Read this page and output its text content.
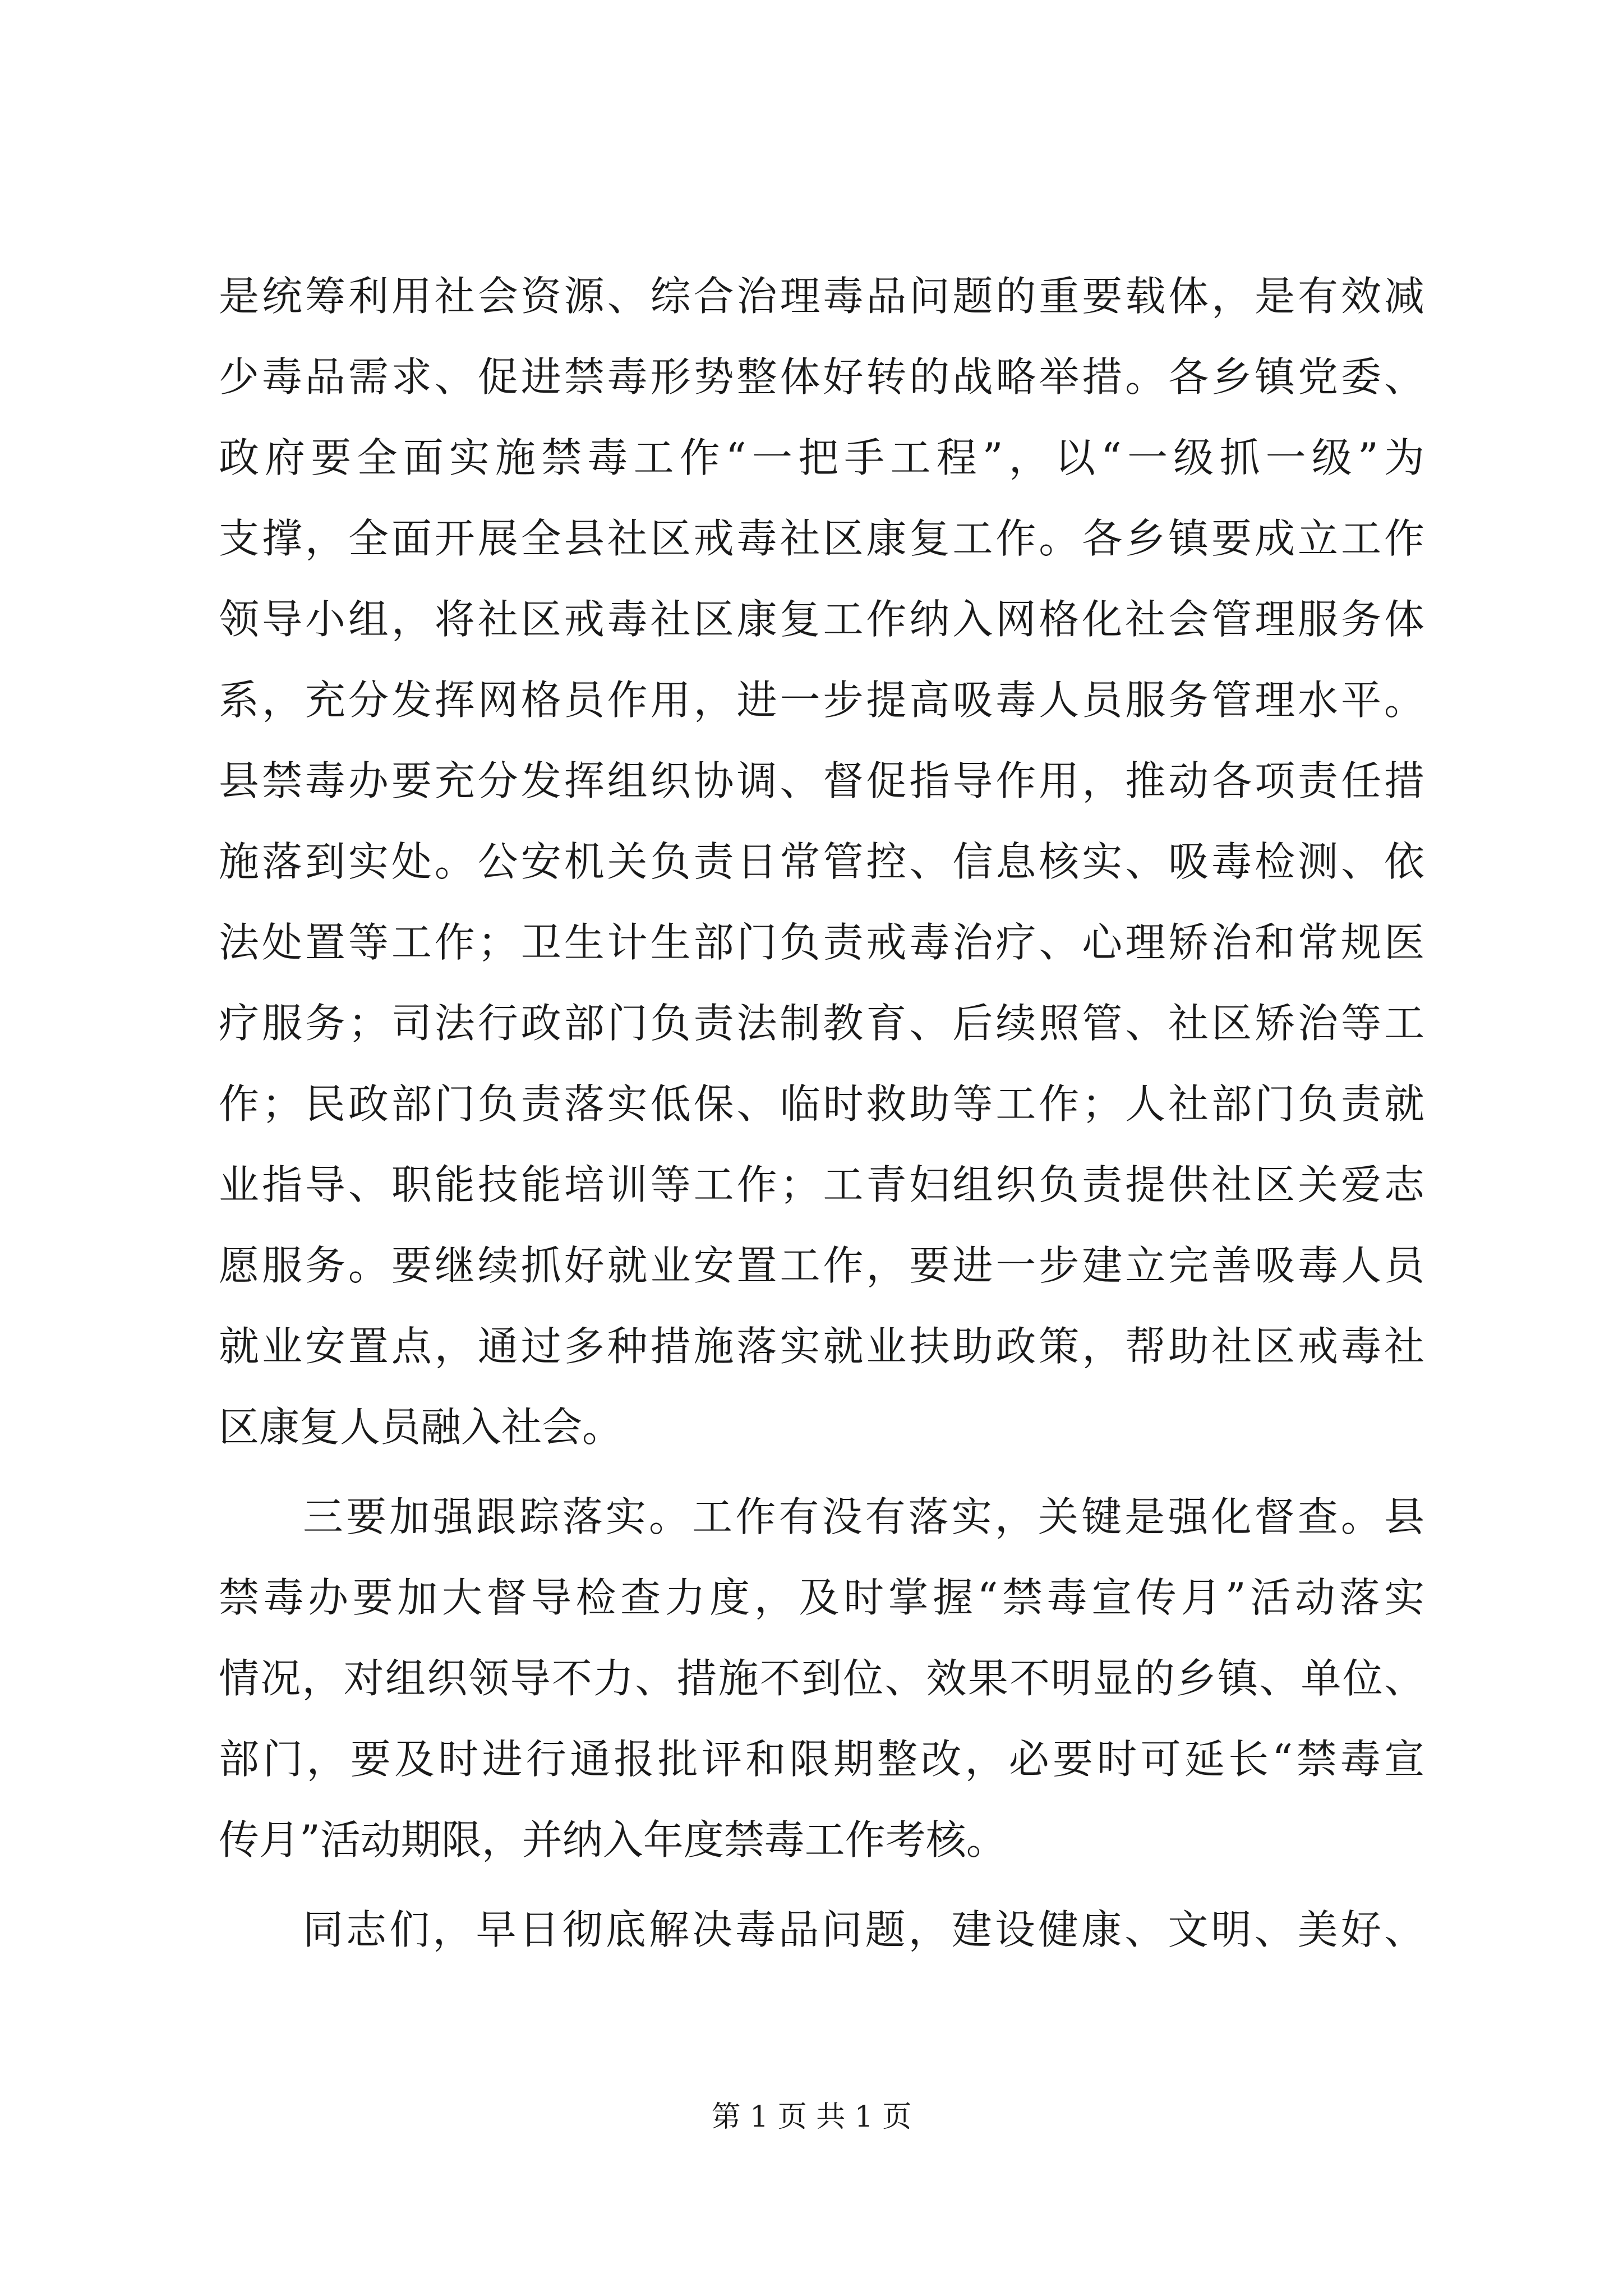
是统筹利用社会资源、综合治理毒品问题的重要载体，是有效减
少毒品需求、促进禁毒形势整体好转的战略举措。各乡镇党委、
政府要全面实施禁毒工作“一把手工程”，以“一级抓一级”为
支撑，全面开展全县社区戒毒社区康复工作。各乡镇要成立工作
领导小组，将社区戒毒社区康复工作纳入网格化社会管理服务体
系，充分发挥网格员作用，进一步提高吸毒人员服务管理水平。
县禁毒办要充分发挥组织协调、督促指导作用，推动各项责任措
施落到实处。公安机关负责日常管控、信息核实、吸毒检测、依
法处置等工作；卫生计生部门负责戒毒治疗、心理矫治和常规医
疗服务；司法行政部门负责法制教育、后续照管、社区矫治等工
作；民政部门负责落实低保、临时救助等工作；人社部门负责就
业指导、职能技能培训等工作；工青妇组织负责提供社区关爱志
愿服务。要继续抓好就业安置工作，要进一步建立完善吸毒人员
就业安置点，通过多种措施落实就业扶助政策，帮助社区戒毒社
区康复人员融入社会。
三要加强跟踪落实。工作有没有落实，关键是强化督查。县
禁毒办要加大督导检查力度，及时掌握“禁毒宣传月”活动落实
情况，对组织领导不力、措施不到位、效果不明显的乡镇、单位、
部门，要及时进行通报批评和限期整改，必要时可延长“禁毒宣
传月”活动期限，并纳入年度禁毒工作考核。
同志们，早日彻底解决毒品问题，建设健康、文明、美好、
第 1 页 共 1 页
